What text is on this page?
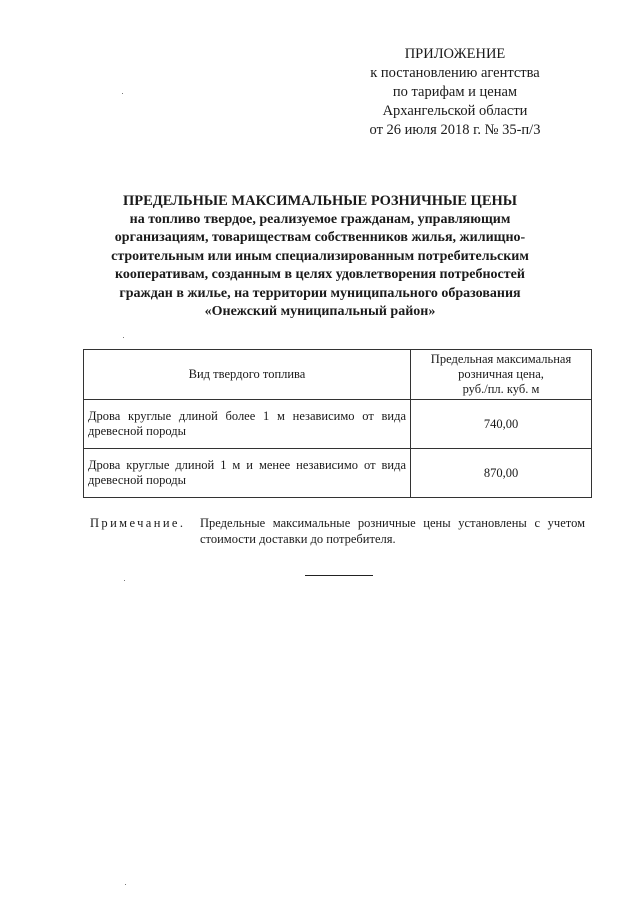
ПРИЛОЖЕНИЕ
к постановлению агентства
по тарифам и ценам
Архангельской области
от 26 июля 2018 г. № 35-п/3
ПРЕДЕЛЬНЫЕ МАКСИМАЛЬНЫЕ РОЗНИЧНЫЕ ЦЕНЫ
на топливо твердое, реализуемое гражданам, управляющим
организациям, товариществам собственников жилья, жилищно-
строительным или иным специализированным потребительским
кооперативам, созданным в целях удовлетворения потребностей
граждан в жилье, на территории муниципального образования
«Онежский муниципальный район»
Вид твердого топлива	Предельная максимальная
розничная цена,
руб./пл. куб. м

Дрова круглые длиной более 1 м независимо от вида древесной породы	740,00
Дрова круглые длиной 1 м и менее независимо от вида древесной породы	870,00
Примечание. Предельные максимальные розничные цены установлены с учетом стоимости доставки до потребителя.
